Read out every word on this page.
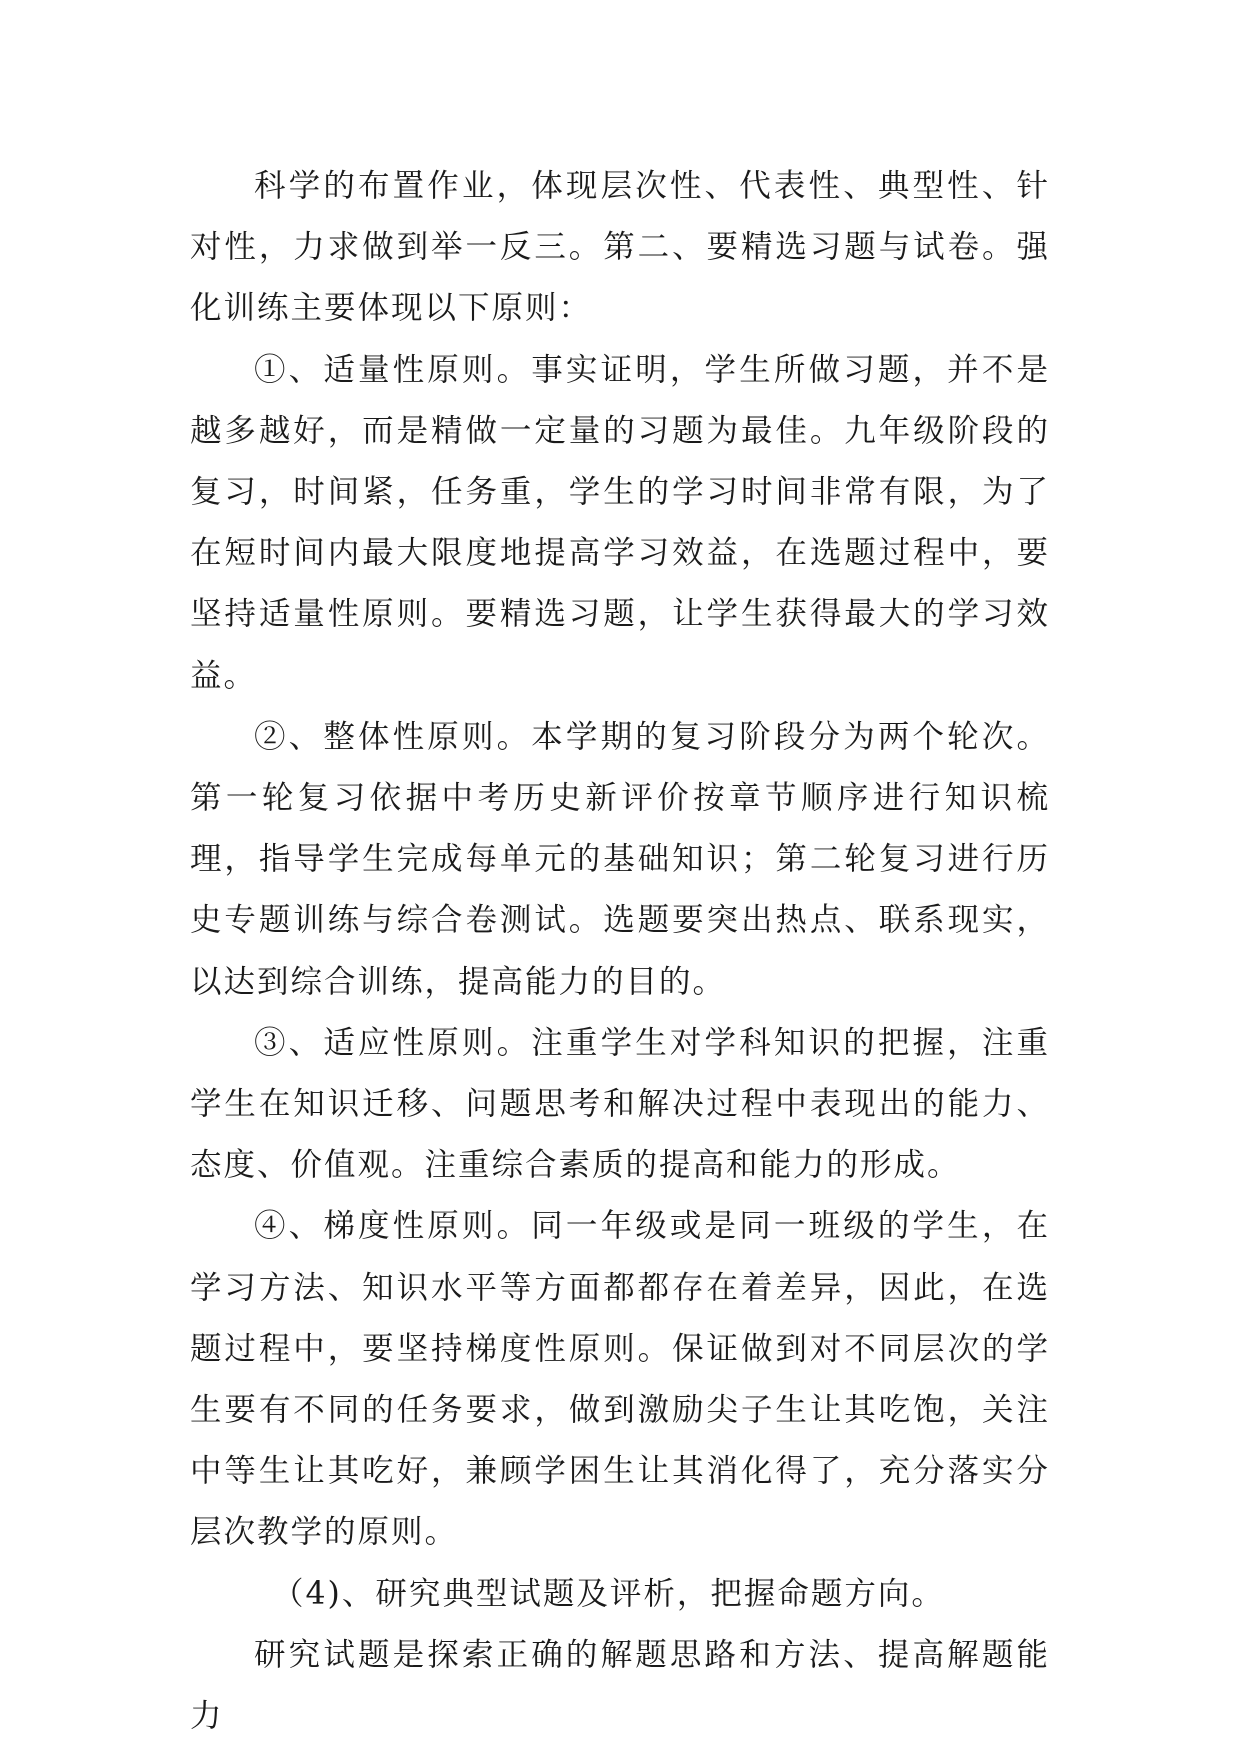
科学的布置作业，体现层次性、代表性、典型性、针对性，力求做到举一反三。第二、要精选习题与试卷。强化训练主要体现以下原则：

①、适量性原则。事实证明，学生所做习题，并不是越多越好，而是精做一定量的习题为最佳。九年级阶段的复习，时间紧，任务重，学生的学习时间非常有限，为了在短时间内最大限度地提高学习效益，在选题过程中，要坚持适量性原则。要精选习题，让学生获得最大的学习效益。

②、整体性原则。本学期的复习阶段分为两个轮次。第一轮复习依据中考历史新评价按章节顺序进行知识梳理，指导学生完成每单元的基础知识；第二轮复习进行历史专题训练与综合卷测试。选题要突出热点、联系现实，以达到综合训练，提高能力的目的。

③、适应性原则。注重学生对学科知识的把握，注重学生在知识迁移、问题思考和解决过程中表现出的能力、态度、价值观。注重综合素质的提高和能力的形成。

④、梯度性原则。同一年级或是同一班级的学生，在学习方法、知识水平等方面都都存在着差异，因此，在选题过程中，要坚持梯度性原则。保证做到对不同层次的学生要有不同的任务要求，做到激励尖子生让其吃饱，关注中等生让其吃好，兼顾学困生让其消化得了，充分落实分层次教学的原则。

（4)、研究典型试题及评析，把握命题方向。

研究试题是探索正确的解题思路和方法、提高解题能力
